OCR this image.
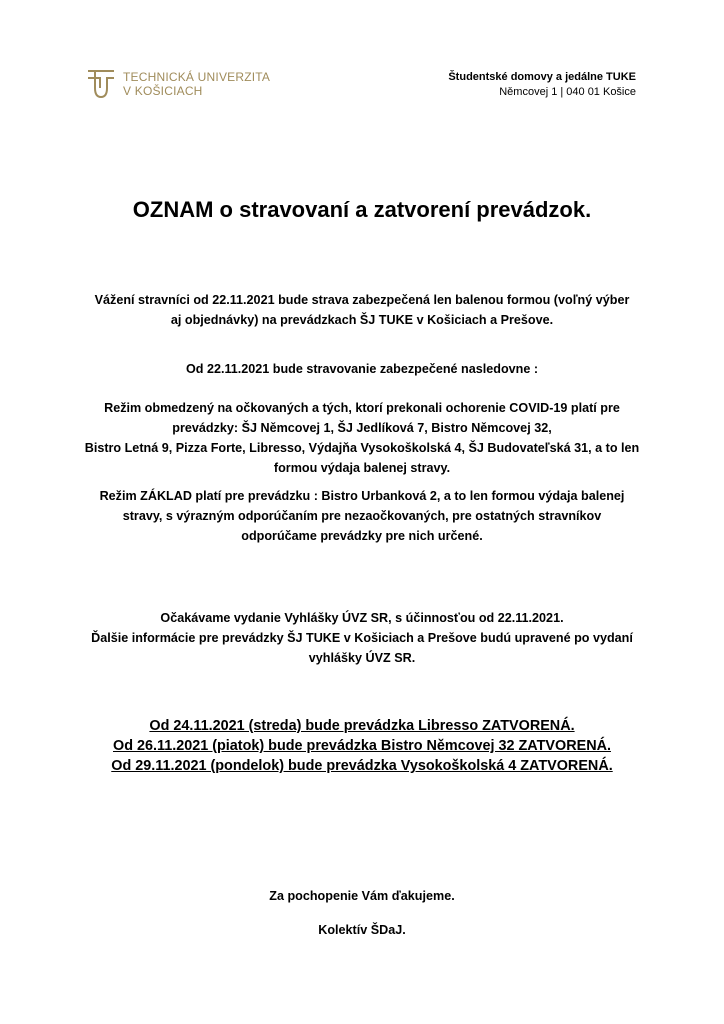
TECHNICKÁ UNIVERZITA
V KOŠICIACH
Študentské domovy a jedálne TUKE
Němcovej 1 | 040 01 Košice
OZNAM o stravovaní a zatvorení prevádzok.

Vážení stravníci od 22.11.2021 bude strava zabezpečená len balenou formou (voľný výber
aj objednávky) na prevádzkach ŠJ TUKE v Košiciach a Prešove.

Od 22.11.2021 bude stravovanie zabezpečené nasledovne :

Režim obmedzený na očkovaných a tých, ktorí prekonali ochorenie COVID-19 platí pre
prevádzky: ŠJ Němcovej 1, ŠJ Jedlíková 7, Bistro Němcovej 32,
Bistro Letná 9, Pizza Forte, Libresso, Výdajňa Vysokoškolská 4, ŠJ Budovateľská 31, a to len
formou výdaja balenej stravy.

Režim ZÁKLAD platí pre prevádzku : Bistro Urbanková 2, a to len formou výdaja balenej
stravy, s výrazným odporúčaním pre nezaočkovaných, pre ostatných stravníkov
odporúčame prevádzky pre nich určené.

Očakávame vydanie Vyhlášky ÚVZ SR, s účinnosťou od 22.11.2021.
Ďalšie informácie pre prevádzky ŠJ TUKE v Košiciach a Prešove budú upravené po vydaní
vyhlášky ÚVZ SR.

Od 24.11.2021 (streda) bude prevádzka Libresso ZATVORENÁ.
Od 26.11.2021 (piatok) bude prevádzka Bistro Němcovej 32 ZATVORENÁ.
Od 29.11.2021 (pondelok) bude prevádzka Vysokoškolská 4 ZATVORENÁ.

Za pochopenie Vám ďakujeme.

Kolektív ŠDaJ.
